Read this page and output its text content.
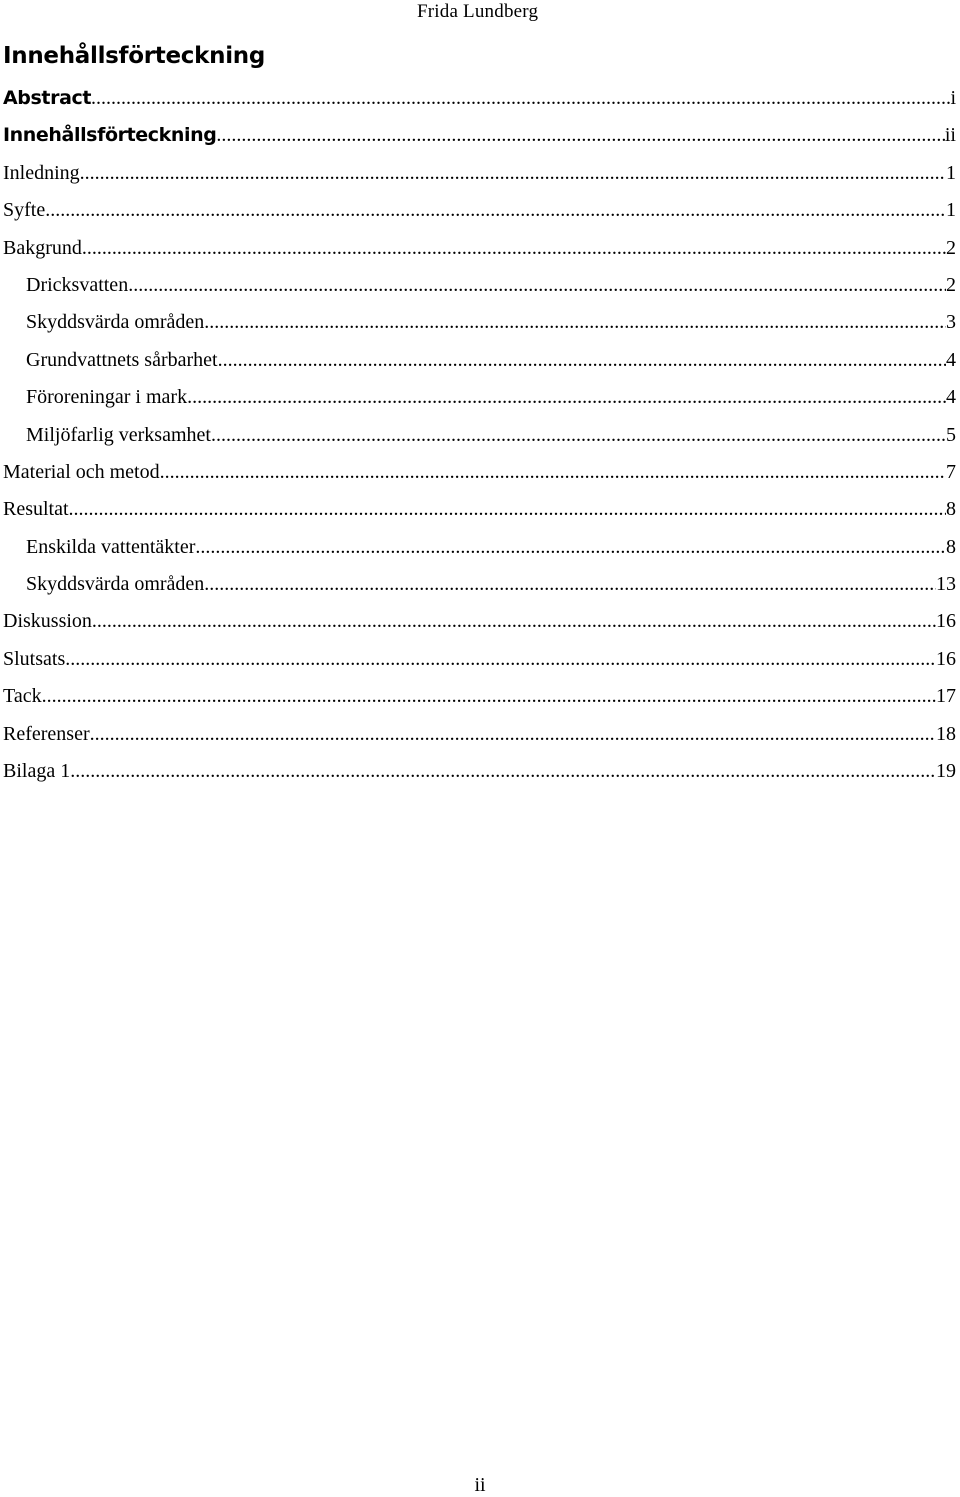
Frida Lundberg
Innehållsförteckning
Abstract .....	i
Innehållsförteckning .....	ii
Inledning .....	1
Syfte .....	1
Bakgrund .....	2
Dricksvatten .....	2
Skyddsvärda områden .....	3
Grundvattnets sårbarhet .....	4
Föroreningar i mark .....	4
Miljöfarlig verksamhet .....	5
Material och metod .....	7
Resultat .....	8
Enskilda vattentäkter .....	8
Skyddsvärda områden .....	13
Diskussion .....	16
Slutsats .....	16
Tack .....	17
Referenser .....	18
Bilaga 1 .....	19
ii
